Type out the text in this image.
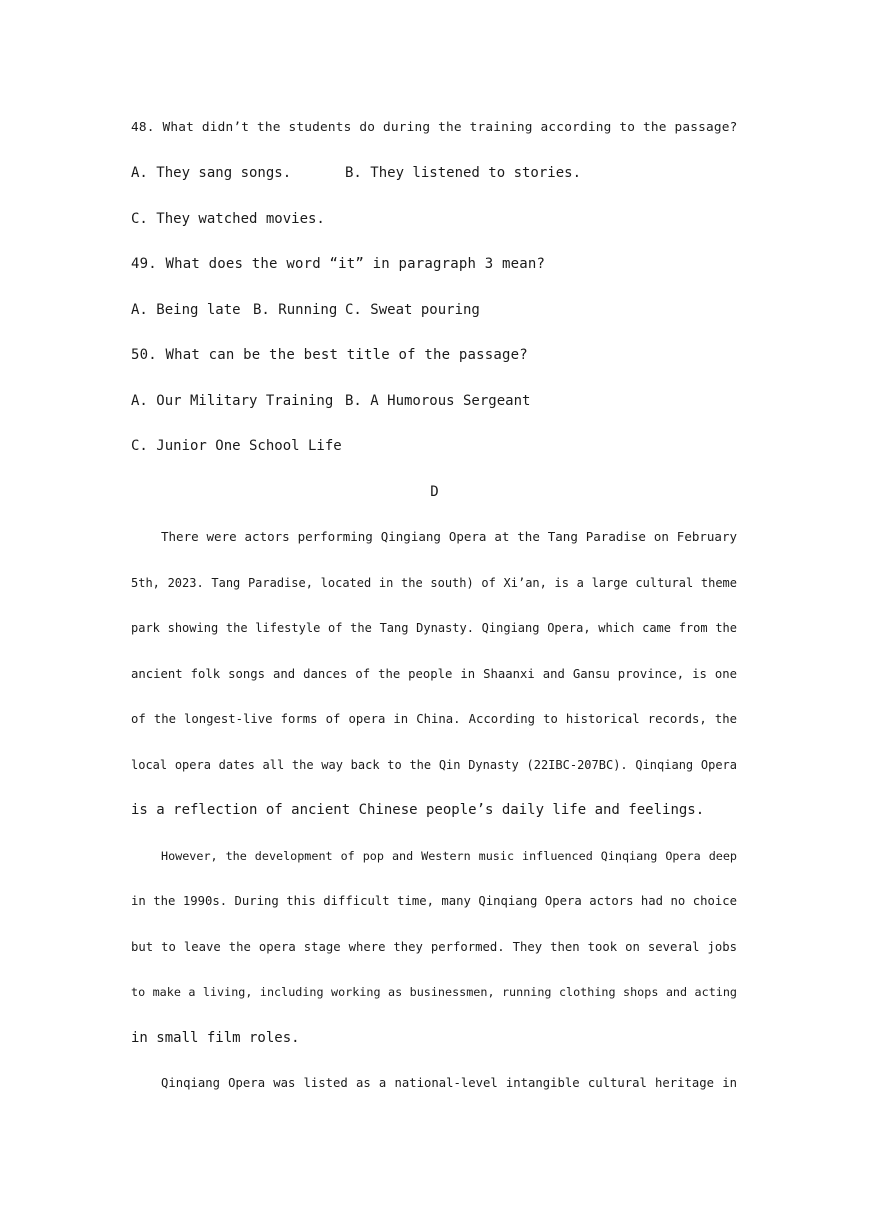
48. What didn’t the students do during the training according to the passage?

A. They sang songs.

	B. They listened to stories.

C. They watched movies.
49. What does the word “it” in paragraph 3 mean?

A. Being late

B. Running

C. Sweat pouring

50. What can be the best title of the passage?

A. Our Military Training

B. A Humorous Sergeant

C. Junior One School Life
D
There were actors performing Qingiang Opera at the Tang Paradise on February
5th, 2023. Tang Paradise, located in the south) of Xi’an, is a large cultural theme
park showing the lifestyle of the Tang Dynasty. Qingiang Opera, which came from the
ancient folk songs and dances of the people in Shaanxi and Gansu province, is one
of the longest-live forms of opera in China. According to historical records, the
local opera dates all the way back to the Qin Dynasty (22IBC-207BC). Qinqiang Opera
is a reflection of ancient Chinese people’s daily life and feelings.
However, the development of pop and Western music influenced Qinqiang Opera deep
in the 1990s. During this difficult time, many Qinqiang Opera actors had no choice
but to leave the opera stage where they performed. They then took on several jobs
to make a living, including working as businessmen, running clothing shops and acting
in small film roles.
Qinqiang Opera was listed as a national-level intangible cultural heritage in
